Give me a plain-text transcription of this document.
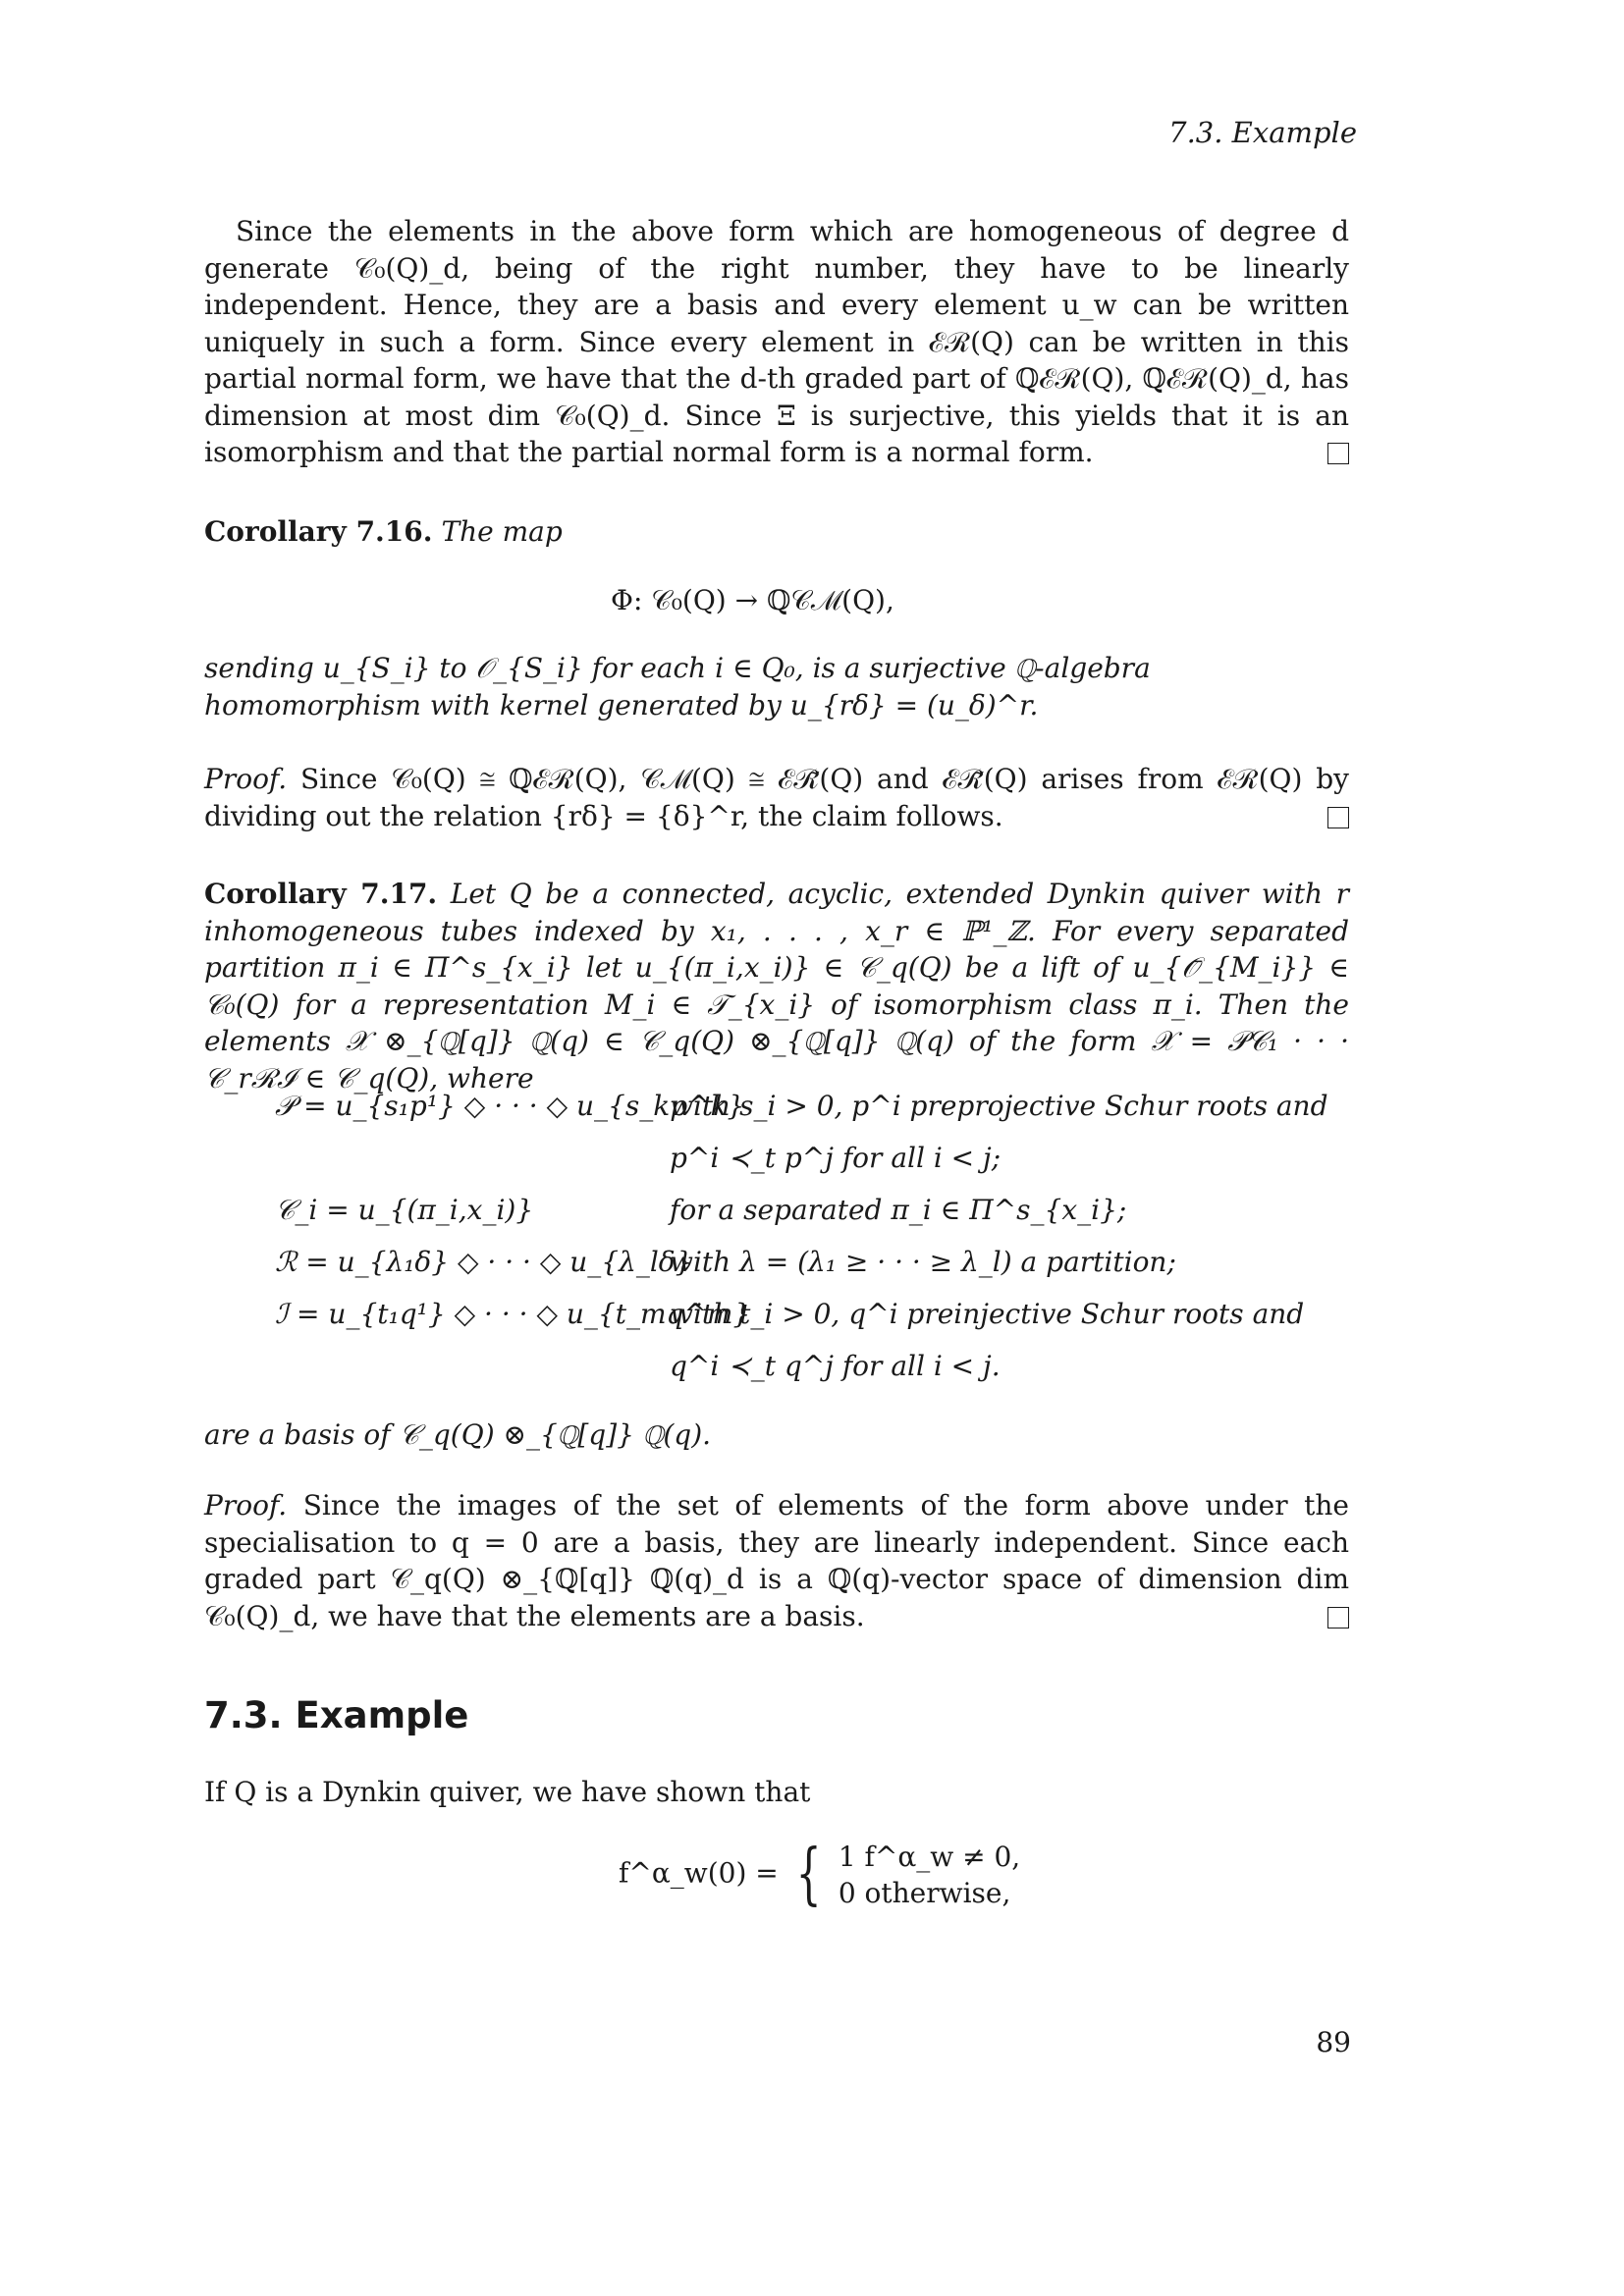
7.3. Example

Since the elements in the above form which are homogeneous of degree d generate 𝒞₀(Q)_d, being of the right number, they have to be linearly independent. Hence, they are a basis and every element u_w can be written uniquely in such a form. Since every element in ℰℛ(Q) can be written in this partial normal form, we have that the d-th graded part of ℚℰℛ(Q), ℚℰℛ(Q)_d, has dimension at most dim 𝒞₀(Q)_d. Since Ξ is surjective, this yields that it is an isomorphism and that the partial normal form is a normal form.

Corollary 7.16. The map
Φ: 𝒞₀(Q) → ℚ𝒞ℳ(Q),
sending u_{S_i} to 𝒪_{S_i} for each i ∈ Q₀, is a surjective ℚ-algebra homomorphism with kernel generated by u_{rδ} = (u_δ)^r.

Proof. Since 𝒞₀(Q) ≅ ℚℰℛ(Q), 𝒞ℳ(Q) ≅ ℰℛ̃(Q) and ℰℛ̃(Q) arises from ℰℛ(Q) by dividing out the relation {rδ} = {δ}^r, the claim follows.

Corollary 7.17. Let Q be a connected, acyclic, extended Dynkin quiver with r inhomogeneous tubes indexed by x₁, . . . , x_r ∈ ℙ¹_ℤ. For every separated partition π_i ∈ Π^s_{x_i} let u_{(π_i,x_i)} ∈ 𝒞_q(Q) be a lift of u_{𝒪̄_{M_i}} ∈ 𝒞₀(Q) for a representation M_i ∈ 𝒯_{x_i} of isomorphism class π_i. Then the elements 𝒳 ⊗_{ℚ[q]} ℚ(q) ∈ 𝒞_q(Q) ⊗_{ℚ[q]} ℚ(q) of the form 𝒳 = 𝒫𝒞₁ · · · 𝒞_rℛℐ ∈ 𝒞_q(Q), where

𝒫 = u_{s₁p¹} ◇ · · · ◇ u_{s_kp^k}
with s_i > 0, p^i preprojective Schur roots and
p^i ≺_t p^j for all i < j;
𝒞_i = u_{(π_i,x_i)}	for a separated π_i ∈ Π^s_{x_i};
ℛ = u_{λ₁δ} ◇ · · · ◇ u_{λ_lδ}
with λ = (λ₁ ≥ · · · ≥ λ_l) a partition;
ℐ = u_{t₁q¹} ◇ · · · ◇ u_{t_mq^m}
with t_i > 0, q^i preinjective Schur roots and
q^i ≺_t q^j for all i < j.
are a basis of 𝒞_q(Q) ⊗_{ℚ[q]} ℚ(q).

Proof. Since the images of the set of elements of the form above under the specialisation to q = 0 are a basis, they are linearly independent. Since each graded part 𝒞_q(Q) ⊗_{ℚ[q]} ℚ(q)_d is a ℚ(q)-vector space of dimension dim 𝒞₀(Q)_d, we have that the elements are a basis.

7.3. Example
If Q is a Dynkin quiver, we have shown that
f^α_w(0) = { 1 f^α_w ≠ 0,
0 otherwise,
89
